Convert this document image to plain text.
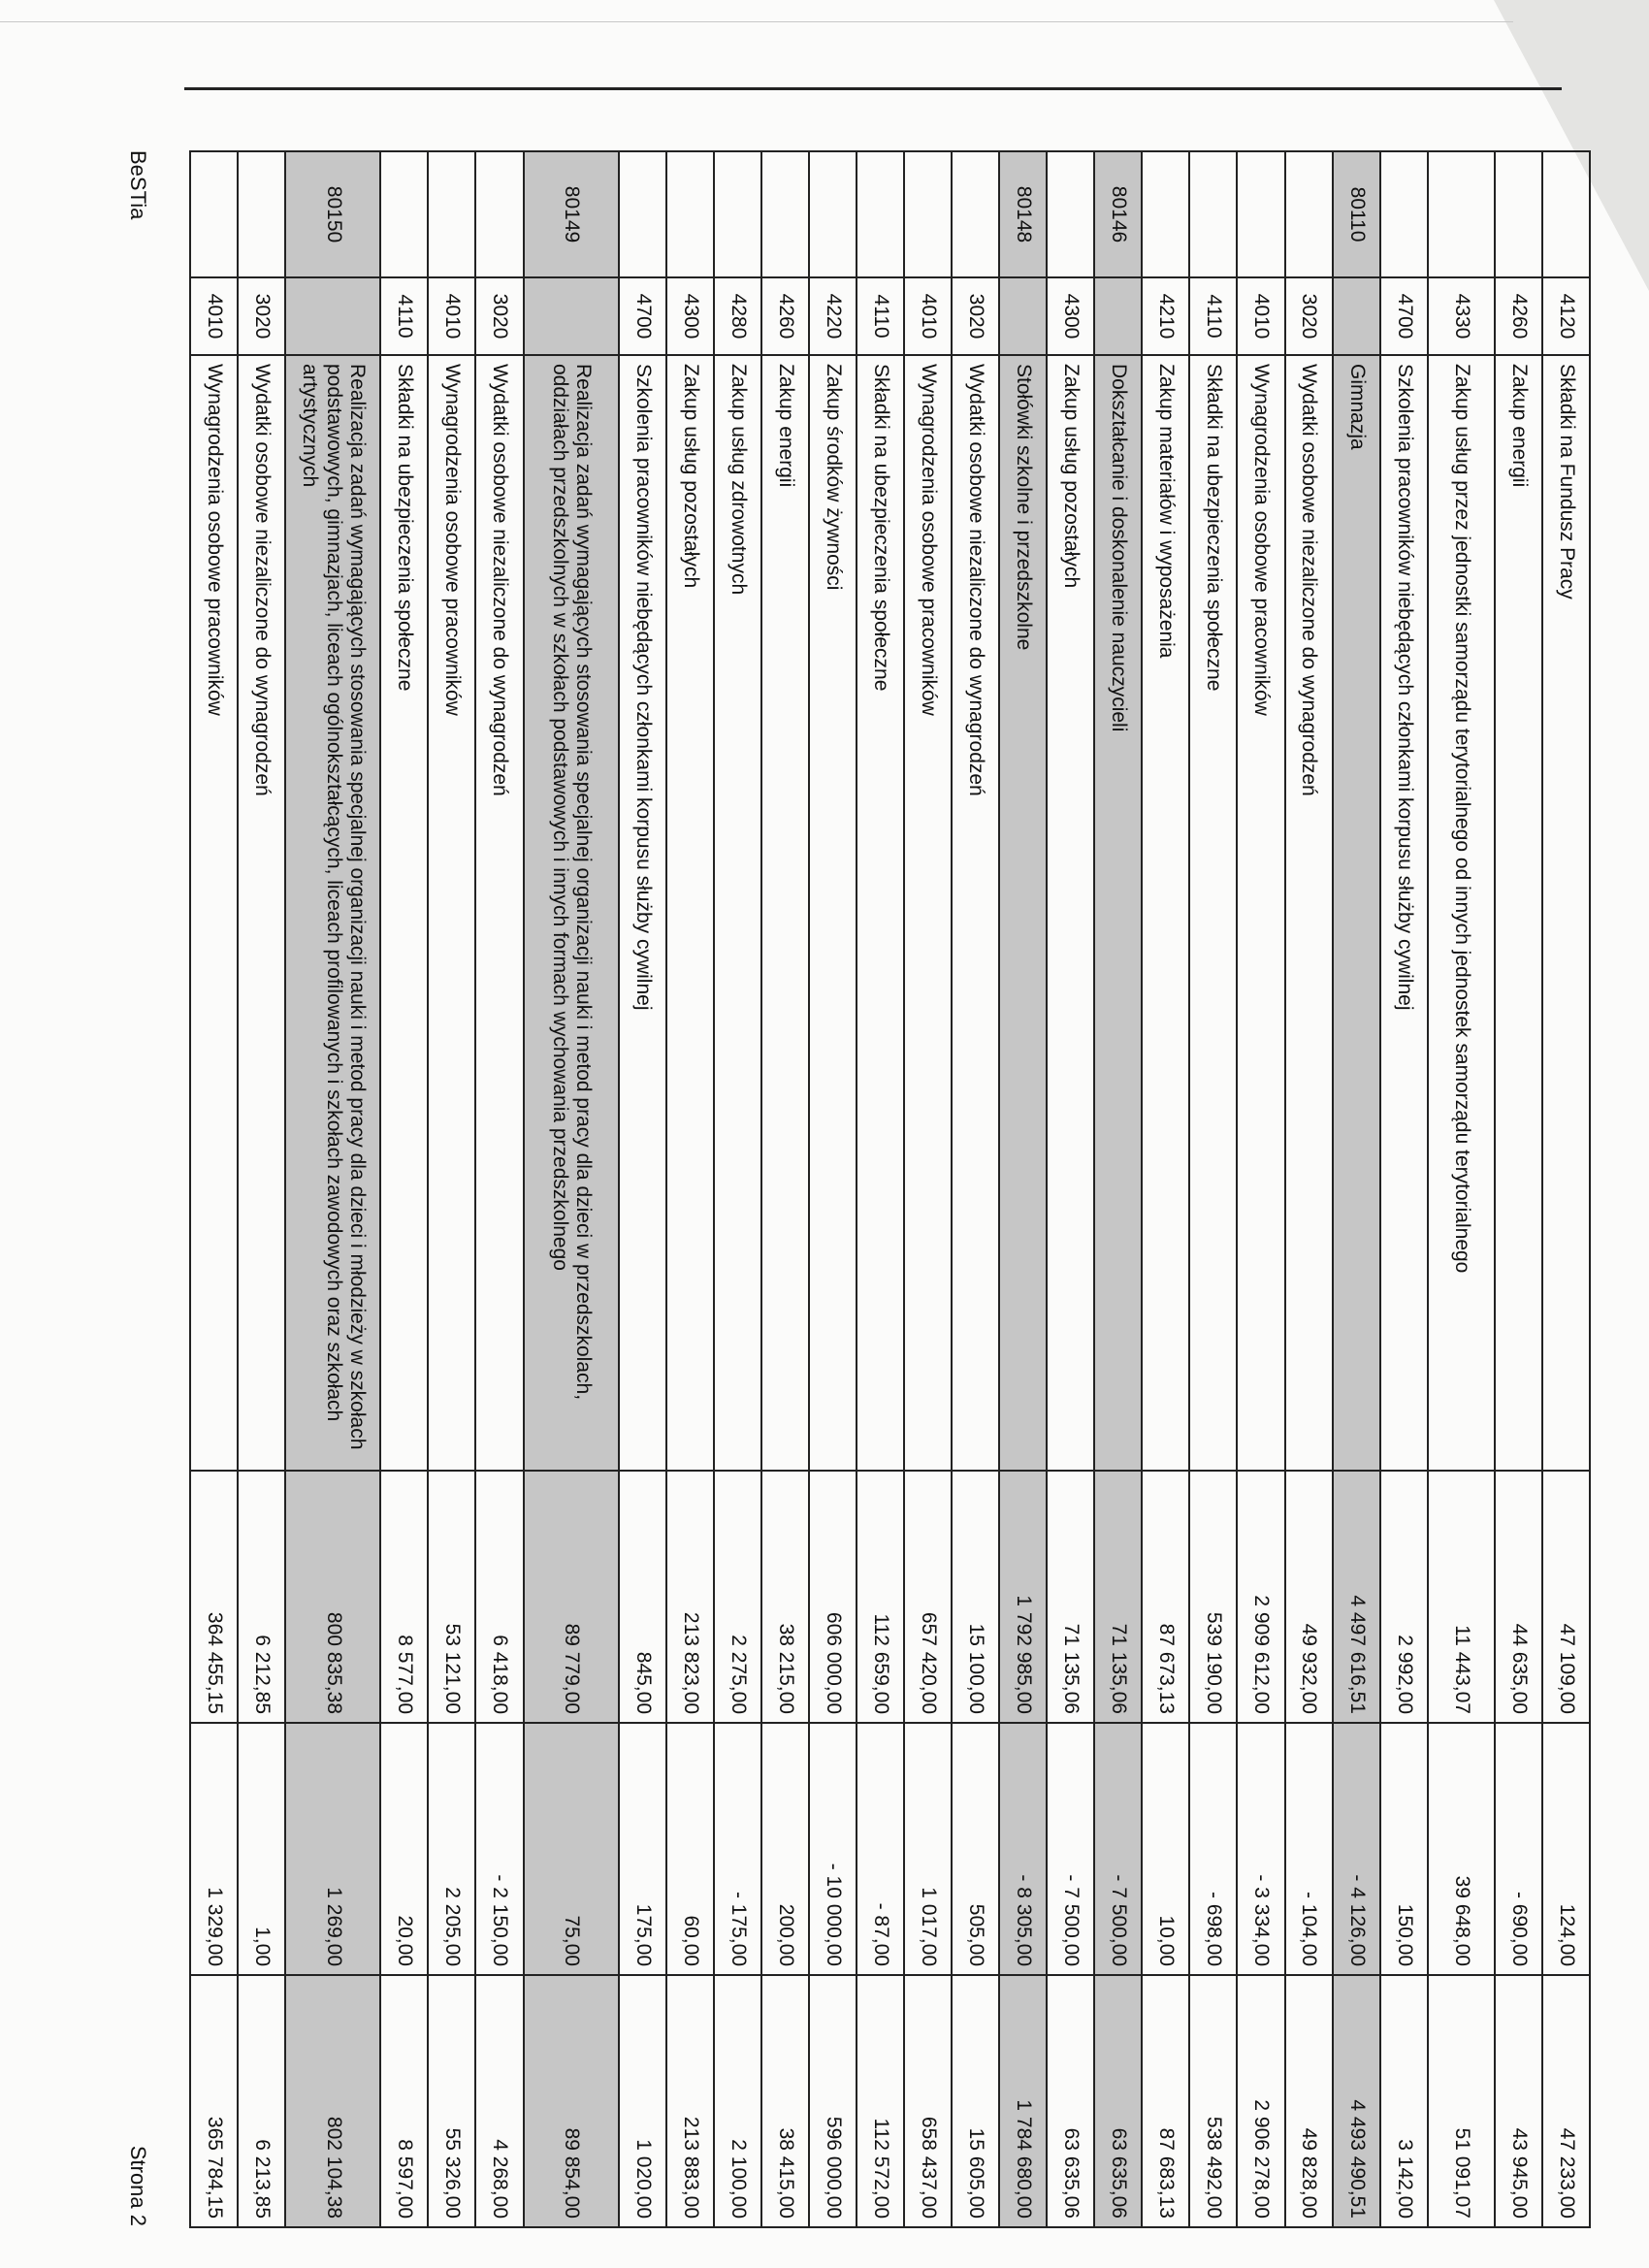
	4120	Składki na Fundusz Pracy	47 109,00	124,00	47 233,00
	4260	Zakup energii	44 635,00	- 690,00	43 945,00
	4330	Zakup usług przez jednostki samorządu terytorialnego od innych jednostek samorządu terytorialnego	11 443,07	39 648,00	51 091,07
	4700	Szkolenia pracowników niebędących członkami korpusu służby cywilnej	2 992,00	150,00	3 142,00
80110		Gimnazja	4 497 616,51	- 4 126,00	4 493 490,51
	3020	Wydatki osobowe niezaliczone do wynagrodzeń	49 932,00	- 104,00	49 828,00
	4010	Wynagrodzenia osobowe pracowników	2 909 612,00	- 3 334,00	2 906 278,00
	4110	Składki na ubezpieczenia społeczne	539 190,00	- 698,00	538 492,00
	4210	Zakup materiałów i wyposażenia	87 673,13	10,00	87 683,13
80146		Dokształcanie i doskonalenie nauczycieli	71 135,06	- 7 500,00	63 635,06
	4300	Zakup usług pozostałych	71 135,06	- 7 500,00	63 635,06
80148		Stołówki szkolne i przedszkolne	1 792 985,00	- 8 305,00	1 784 680,00
	3020	Wydatki osobowe niezaliczone do wynagrodzeń	15 100,00	505,00	15 605,00
	4010	Wynagrodzenia osobowe pracowników	657 420,00	1 017,00	658 437,00
	4110	Składki na ubezpieczenia społeczne	112 659,00	- 87,00	112 572,00
	4220	Zakup środków żywności	606 000,00	- 10 000,00	596 000,00
	4260	Zakup energii	38 215,00	200,00	38 415,00
	4280	Zakup usług zdrowotnych	2 275,00	- 175,00	2 100,00
	4300	Zakup usług pozostałych	213 823,00	60,00	213 883,00
	4700	Szkolenia pracowników niebędących członkami korpusu służby cywilnej	845,00	175,00	1 020,00
80149		Realizacja zadań wymagających stosowania specjalnej organizacji nauki i metod pracy dla dzieci w przedszkolach, oddziałach przedszkolnych w szkołach podstawowych i innych formach wychowania przedszkolnego	89 779,00	75,00	89 854,00
	3020	Wydatki osobowe niezaliczone do wynagrodzeń	6 418,00	- 2 150,00	4 268,00
	4010	Wynagrodzenia osobowe pracowników	53 121,00	2 205,00	55 326,00
	4110	Składki na ubezpieczenia społeczne	8 577,00	20,00	8 597,00
80150		Realizacja zadań wymagających stosowania specjalnej organizacji nauki i metod pracy dla dzieci i młodzieży w szkołach podstawowych, gimnazjach, liceach ogólnokształcących, liceach profilowanych i szkołach zawodowych oraz szkołach artystycznych	800 835,38	1 269,00	802 104,38
	3020	Wydatki osobowe niezaliczone do wynagrodzeń	6 212,85	1,00	6 213,85
	4010	Wynagrodzenia osobowe pracowników	364 455,15	1 329,00	365 784,15
BeSTia
Strona 2
